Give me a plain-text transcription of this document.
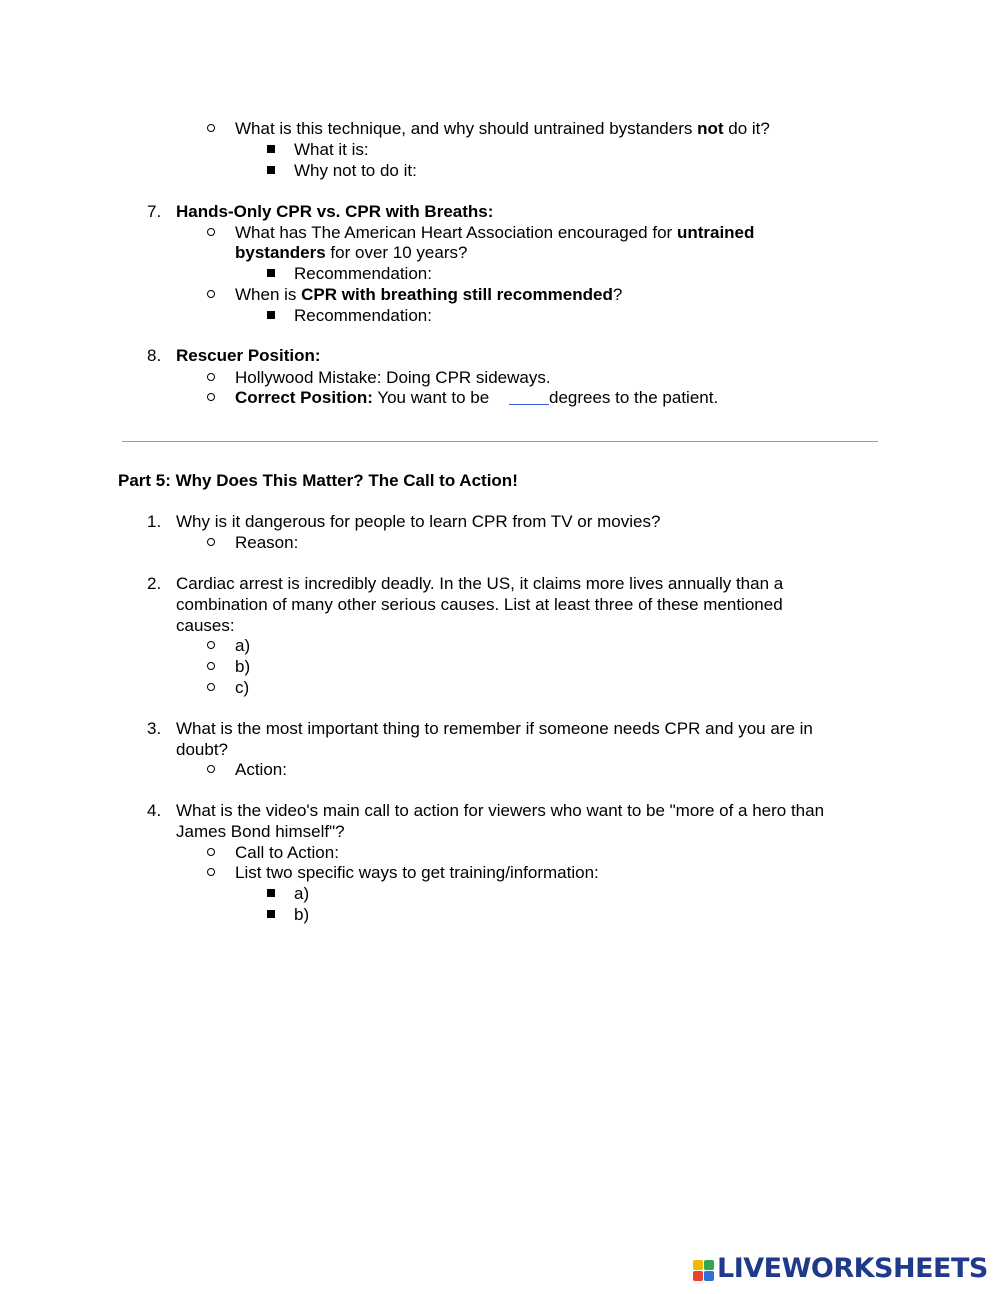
What is this technique, and why should untrained bystanders not do it?
What it is:
Why not to do it:
7. Hands-Only CPR vs. CPR with Breaths:
What has The American Heart Association encouraged for untrained
bystanders for over 10 years?
Recommendation:
When is CPR with breathing still recommended?
Recommendation:
8. Rescuer Position:
Hollywood Mistake: Doing CPR sideways.
Correct Position: You want to be	degrees to the patient.
Part 5: Why Does This Matter? The Call to Action!
1. Why is it dangerous for people to learn CPR from TV or movies?
Reason:
2. Cardiac arrest is incredibly deadly. In the US, it claims more lives annually than a
combination of many other serious causes. List at least three of these mentioned
causes:
a)
b)
c)
3. What is the most important thing to remember if someone needs CPR and you are in
doubt?
Action:
4. What is the video's main call to action for viewers who want to be "more of a hero than
James Bond himself"?
Call to Action:
List two specific ways to get training/information:
a)
b)
LIVEWORKSHEETS
